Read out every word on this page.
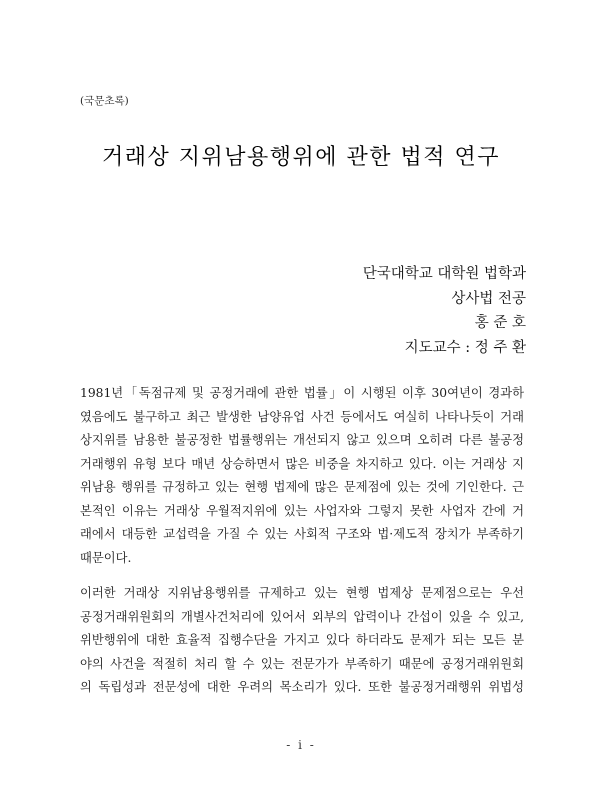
(국문초록)
거래상 지위남용행위에 관한 법적 연구
단국대학교 대학원 법학과
상사법 전공
홍 준 호
지도교수 : 정 주 환
1981년「독점규제 및 공정거래에 관한 법률」이 시행된 이후 30여년이 경과하
였음에도 불구하고 최근 발생한 남양유업 사건 등에서도 여실히 나타나듯이 거래
상지위를 남용한 불공정한 법률행위는 개선되지 않고 있으며 오히려 다른 불공정
거래행위 유형 보다 매년 상승하면서 많은 비중을 차지하고 있다. 이는 거래상 지
위남용 행위를 규정하고 있는 현행 법제에 많은 문제점에 있는 것에 기인한다. 근
본적인 이유는 거래상 우월적지위에 있는 사업자와 그렇지 못한 사업자 간에 거
래에서 대등한 교섭력을 가질 수 있는 사회적 구조와 법·제도적 장치가 부족하기
때문이다.
이러한 거래상 지위남용행위를 규제하고 있는 현행 법제상 문제점으로는 우선
공정거래위원회의 개별사건처리에 있어서 외부의 압력이나 간섭이 있을 수 있고,
위반행위에 대한 효율적 집행수단을 가지고 있다 하더라도 문제가 되는 모든 분
야의 사건을 적절히 처리 할 수 있는 전문가가 부족하기 때문에 공정거래위원회
의 독립성과 전문성에 대한 우려의 목소리가 있다. 또한 불공정거래행위 위법성
- i -
